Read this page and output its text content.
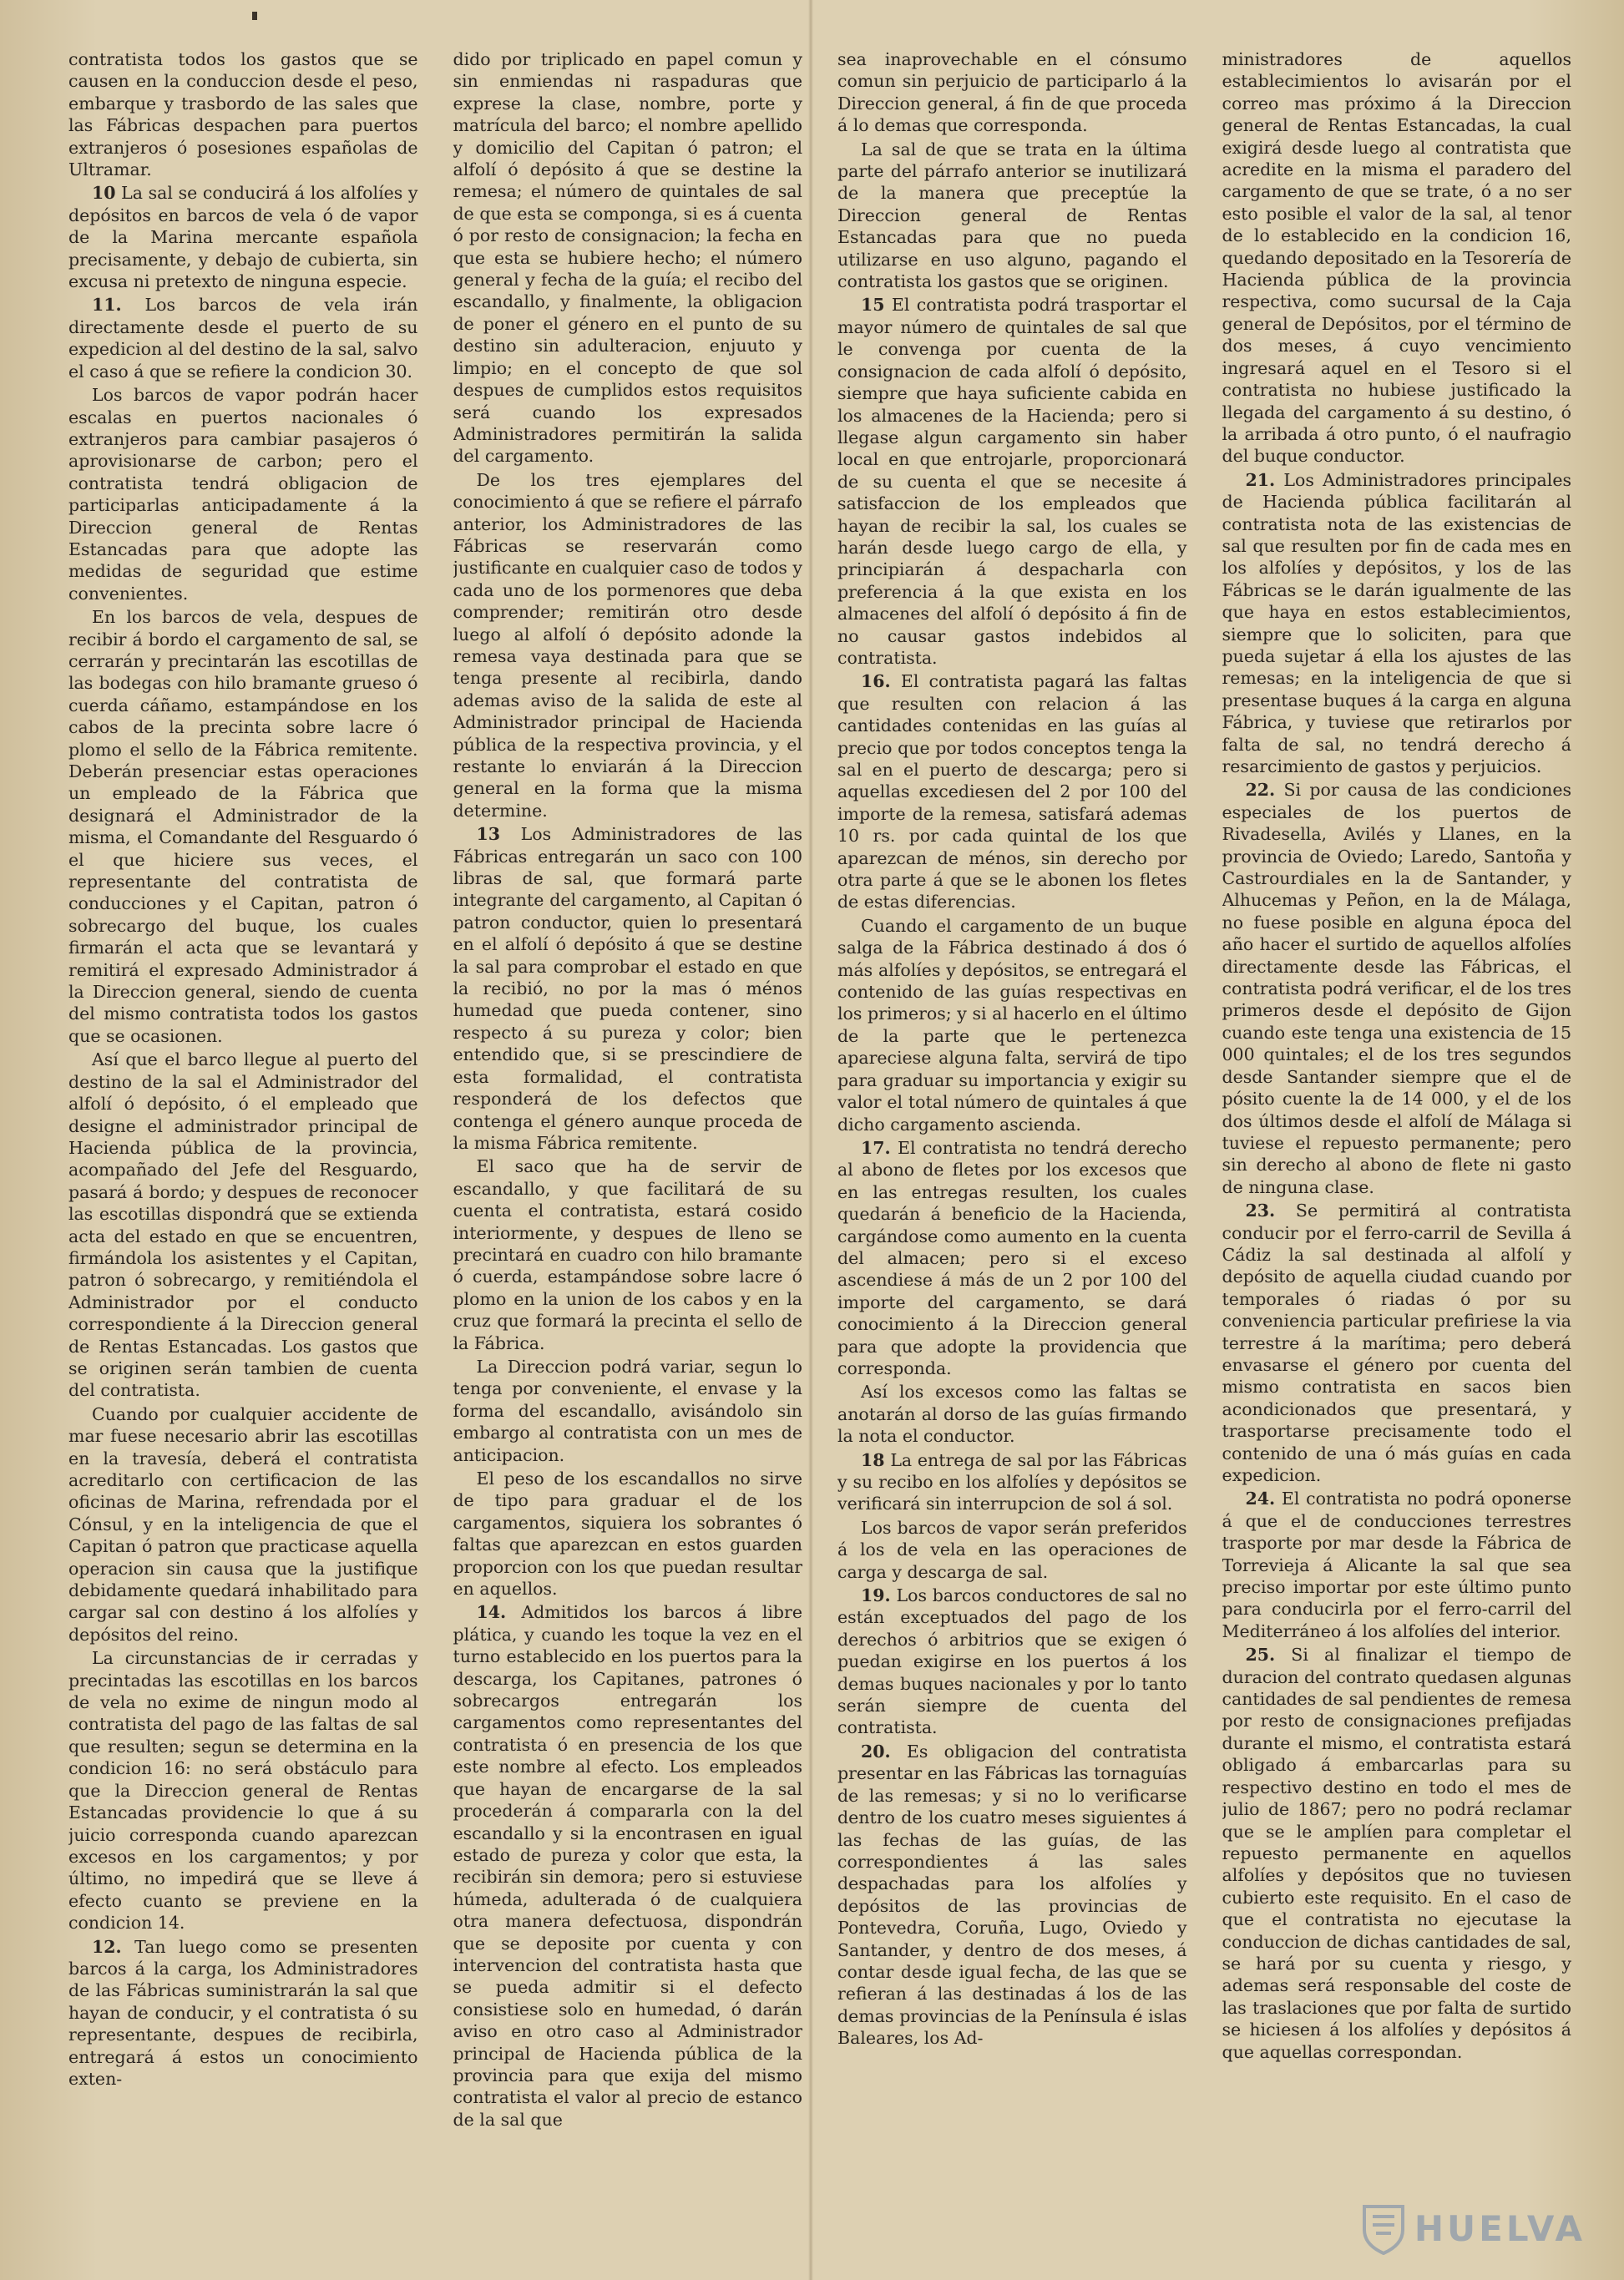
contratista todos los gastos que se causen en la conduccion desde el peso, embarque y trasbordo de las sales que las Fábricas despachen para puertos extranjeros ó posesiones españolas de Ultramar.

10 La sal se conducirá á los alfolíes y depósitos en barcos de vela ó de vapor de la Marina mercante española precisamente, y debajo de cubierta, sin excusa ni pretexto de ninguna especie.

11. Los barcos de vela irán directamente desde el puerto de su expedicion al del destino de la sal, salvo el caso á que se refiere la condicion 30.

Los barcos de vapor podrán hacer escalas en puertos nacionales ó extranjeros para cambiar pasajeros ó aprovisionarse de carbon; pero el contratista tendrá obligacion de participarlas anticipadamente á la Direccion general de Rentas Estancadas para que adopte las medidas de seguridad que estime convenientes.

En los barcos de vela, despues de recibir á bordo el cargamento de sal, se cerrarán y precintarán las escotillas de las bodegas con hilo bramante grueso ó cuerda cáñamo, estampándose en los cabos de la precinta sobre lacre ó plomo el sello de la Fábrica remitente. Deberán presenciar estas operaciones un empleado de la Fábrica que designará el Administrador de la misma, el Comandante del Resguardo ó el que hiciere sus veces, el representante del contratista de conducciones y el Capitan, patron ó sobrecargo del buque, los cuales firmarán el acta que se levantará y remitirá el expresado Administrador á la Direccion general, siendo de cuenta del mismo contratista todos los gastos que se ocasionen.

Así que el barco llegue al puerto del destino de la sal el Administrador del alfolí ó depósito, ó el empleado que designe el administrador principal de Hacienda pública de la provincia, acompañado del Jefe del Resguardo, pasará á bordo; y despues de reconocer las escotillas dispondrá que se extienda acta del estado en que se encuentren, firmándola los asistentes y el Capitan, patron ó sobrecargo, y remitiéndola el Administrador por el conducto correspondiente á la Direccion general de Rentas Estancadas. Los gastos que se originen serán tambien de cuenta del contratista.

Cuando por cualquier accidente de mar fuese necesario abrir las escotillas en la travesía, deberá el contratista acreditarlo con certificacion de las oficinas de Marina, refrendada por el Cónsul, y en la inteligencia de que el Capitan ó patron que practicase aquella operacion sin causa que la justifique debidamente quedará inhabilitado para cargar sal con destino á los alfolíes y depósitos del reino.

La circunstancias de ir cerradas y precintadas las escotillas en los barcos de vela no exime de ningun modo al contratista del pago de las faltas de sal que resulten; segun se determina en la condicion 16: no será obstáculo para que la Direccion general de Rentas Estancadas providencie lo que á su juicio corresponda cuando aparezcan excesos en los cargamentos; y por último, no impedirá que se lleve á efecto cuanto se previene en la condicion 14.

12. Tan luego como se presenten barcos á la carga, los Administradores de las Fábricas suministrarán la sal que hayan de conducir, y el contratista ó su representante, despues de recibirla, entregará á estos un conocimiento exten-

dido por triplicado en papel comun y sin enmiendas ni raspaduras que exprese la clase, nombre, porte y matrícula del barco; el nombre apellido y domicilio del Capitan ó patron; el alfolí ó depósito á que se destine la remesa; el número de quintales de sal de que esta se componga, si es á cuenta ó por resto de consignacion; la fecha en que esta se hubiere hecho; el número general y fecha de la guía; el recibo del escandallo, y finalmente, la obligacion de poner el género en el punto de su destino sin adulteracion, enjuuto y limpio; en el concepto de que sol despues de cumplidos estos requisitos será cuando los expresados Administradores permitirán la salida del cargamento.

De los tres ejemplares del conocimiento á que se refiere el párrafo anterior, los Administradores de las Fábricas se reservarán como justificante en cualquier caso de todos y cada uno de los pormenores que deba comprender; remitirán otro desde luego al alfolí ó depósito adonde la remesa vaya destinada para que se tenga presente al recibirla, dando ademas aviso de la salida de este al Administrador principal de Hacienda pública de la respectiva provincia, y el restante lo enviarán á la Direccion general en la forma que la misma determine.

13 Los Administradores de las Fábricas entregarán un saco con 100 libras de sal, que formará parte integrante del cargamento, al Capitan ó patron conductor, quien lo presentará en el alfolí ó depósito á que se destine la sal para comprobar el estado en que la recibió, no por la mas ó ménos humedad que pueda contener, sino respecto á su pureza y color; bien entendido que, si se prescindiere de esta formalidad, el contratista responderá de los defectos que contenga el género aunque proceda de la misma Fábrica remitente.

El saco que ha de servir de escandallo, y que facilitará de su cuenta el contratista, estará cosido interiormente, y despues de lleno se precintará en cuadro con hilo bramante ó cuerda, estampándose sobre lacre ó plomo en la union de los cabos y en la cruz que formará la precinta el sello de la Fábrica.

La Direccion podrá variar, segun lo tenga por conveniente, el envase y la forma del escandallo, avisándolo sin embargo al contratista con un mes de anticipacion.

El peso de los escandallos no sirve de tipo para graduar el de los cargamentos, siquiera los sobrantes ó faltas que aparezcan en estos guarden proporcion con los que puedan resultar en aquellos.

14. Admitidos los barcos á libre plática, y cuando les toque la vez en el turno establecido en los puertos para la descarga, los Capitanes, patrones ó sobrecargos entregarán los cargamentos como representantes del contratista ó en presencia de los que este nombre al efecto. Los empleados que hayan de encargarse de la sal procederán á compararla con la del escandallo y si la encontrasen en igual estado de pureza y color que esta, la recibirán sin demora; pero si estuviese húmeda, adulterada ó de cualquiera otra manera defectuosa, dispondrán que se deposite por cuenta y con intervencion del contratista hasta que se pueda admitir si el defecto consistiese solo en humedad, ó darán aviso en otro caso al Administrador principal de Hacienda pública de la provincia para que exija del mismo contratista el valor al precio de estanco de la sal que

sea inaprovechable en el cónsumo comun sin perjuicio de participarlo á la Direccion general, á fin de que proceda á lo demas que corresponda.

La sal de que se trata en la última parte del párrafo anterior se inutilizará de la manera que preceptúe la Direccion general de Rentas Estancadas para que no pueda utilizarse en uso alguno, pagando el contratista los gastos que se originen.

15 El contratista podrá trasportar el mayor número de quintales de sal que le convenga por cuenta de la consignacion de cada alfolí ó depósito, siempre que haya suficiente cabida en los almacenes de la Hacienda; pero si llegase algun cargamento sin haber local en que entrojarle, proporcionará de su cuenta el que se necesite á satisfaccion de los empleados que hayan de recibir la sal, los cuales se harán desde luego cargo de ella, y principiarán á despacharla con preferencia á la que exista en los almacenes del alfolí ó depósito á fin de no causar gastos indebidos al contratista.

16. El contratista pagará las faltas que resulten con relacion á las cantidades contenidas en las guías al precio que por todos conceptos tenga la sal en el puerto de descarga; pero si aquellas excediesen del 2 por 100 del importe de la remesa, satisfará ademas 10 rs. por cada quintal de los que aparezcan de ménos, sin derecho por otra parte á que se le abonen los fletes de estas diferencias.

Cuando el cargamento de un buque salga de la Fábrica destinado á dos ó más alfolíes y depósitos, se entregará el contenido de las guías respectivas en los primeros; y si al hacerlo en el último de la parte que le pertenezca apareciese alguna falta, servirá de tipo para graduar su importancia y exigir su valor el total número de quintales á que dicho cargamento ascienda.

17. El contratista no tendrá derecho al abono de fletes por los excesos que en las entregas resulten, los cuales quedarán á beneficio de la Hacienda, cargándose como aumento en la cuenta del almacen; pero si el exceso ascendiese á más de un 2 por 100 del importe del cargamento, se dará conocimiento á la Direccion general para que adopte la providencia que corresponda.

Así los excesos como las faltas se anotarán al dorso de las guías firmando la nota el conductor.

18 La entrega de sal por las Fábricas y su recibo en los alfolíes y depósitos se verificará sin interrupcion de sol á sol.

Los barcos de vapor serán preferidos á los de vela en las operaciones de carga y descarga de sal.

19. Los barcos conductores de sal no están exceptuados del pago de los derechos ó arbitrios que se exigen ó puedan exigirse en los puertos á los demas buques nacionales y por lo tanto serán siempre de cuenta del contratista.

20. Es obligacion del contratista presentar en las Fábricas las tornaguías de las remesas; y si no lo verificarse dentro de los cuatro meses siguientes á las fechas de las guías, de las correspondientes á las sales despachadas para los alfolíes y depósitos de las provincias de Pontevedra, Coruña, Lugo, Oviedo y Santander, y dentro de dos meses, á contar desde igual fecha, de las que se refieran á las destinadas á los de las demas provincias de la Península é islas Baleares, los Ad-

ministradores de aquellos establecimientos lo avisarán por el correo mas próximo á la Direccion general de Rentas Estancadas, la cual exigirá desde luego al contratista que acredite en la misma el paradero del cargamento de que se trate, ó a no ser esto posible el valor de la sal, al tenor de lo establecido en la condicion 16, quedando depositado en la Tesorería de Hacienda pública de la provincia respectiva, como sucursal de la Caja general de Depósitos, por el término de dos meses, á cuyo vencimiento ingresará aquel en el Tesoro si el contratista no hubiese justificado la llegada del cargamento á su destino, ó la arribada á otro punto, ó el naufragio del buque conductor.

21. Los Administradores principales de Hacienda pública facilitarán al contratista nota de las existencias de sal que resulten por fin de cada mes en los alfolíes y depósitos, y los de las Fábricas se le darán igualmente de las que haya en estos establecimientos, siempre que lo soliciten, para que pueda sujetar á ella los ajustes de las remesas; en la inteligencia de que si presentase buques á la carga en alguna Fábrica, y tuviese que retirarlos por falta de sal, no tendrá derecho á resarcimiento de gastos y perjuicios.

22. Si por causa de las condiciones especiales de los puertos de Rivadesella, Avilés y Llanes, en la provincia de Oviedo; Laredo, Santoña y Castrourdiales en la de Santander, y Alhucemas y Peñon, en la de Málaga, no fuese posible en alguna época del año hacer el surtido de aquellos alfolíes directamente desde las Fábricas, el contratista podrá verificar, el de los tres primeros desde el depósito de Gijon cuando este tenga una existencia de 15 000 quintales; el de los tres segundos desde Santander siempre que el de pósito cuente la de 14 000, y el de los dos últimos desde el alfolí de Málaga si tuviese el repuesto permanente; pero sin derecho al abono de flete ni gasto de ninguna clase.

23. Se permitirá al contratista conducir por el ferro-carril de Sevilla á Cádiz la sal destinada al alfolí y depósito de aquella ciudad cuando por temporales ó riadas ó por su conveniencia particular prefiriese la via terrestre á la marítima; pero deberá envasarse el género por cuenta del mismo contratista en sacos bien acondicionados que presentará, y trasportarse precisamente todo el contenido de una ó más guías en cada expedicion.

24. El contratista no podrá oponerse á que el de conducciones terrestres trasporte por mar desde la Fábrica de Torrevieja á Alicante la sal que sea preciso importar por este último punto para conducirla por el ferro-carril del Mediterráneo á los alfolíes del interior.

25. Si al finalizar el tiempo de duracion del contrato quedasen algunas cantidades de sal pendientes de remesa por resto de consignaciones prefijadas durante el mismo, el contratista estará obligado á embarcarlas para su respectivo destino en todo el mes de julio de 1867; pero no podrá reclamar que se le amplíen para completar el repuesto permanente en aquellos alfolíes y depósitos que no tuviesen cubierto este requisito. En el caso de que el contratista no ejecutase la conduccion de dichas cantidades de sal, se hará por su cuenta y riesgo, y ademas será responsable del coste de las traslaciones que por falta de surtido se hiciesen á los alfolíes y depósitos á que aquellas correspondan.

HUELVA
